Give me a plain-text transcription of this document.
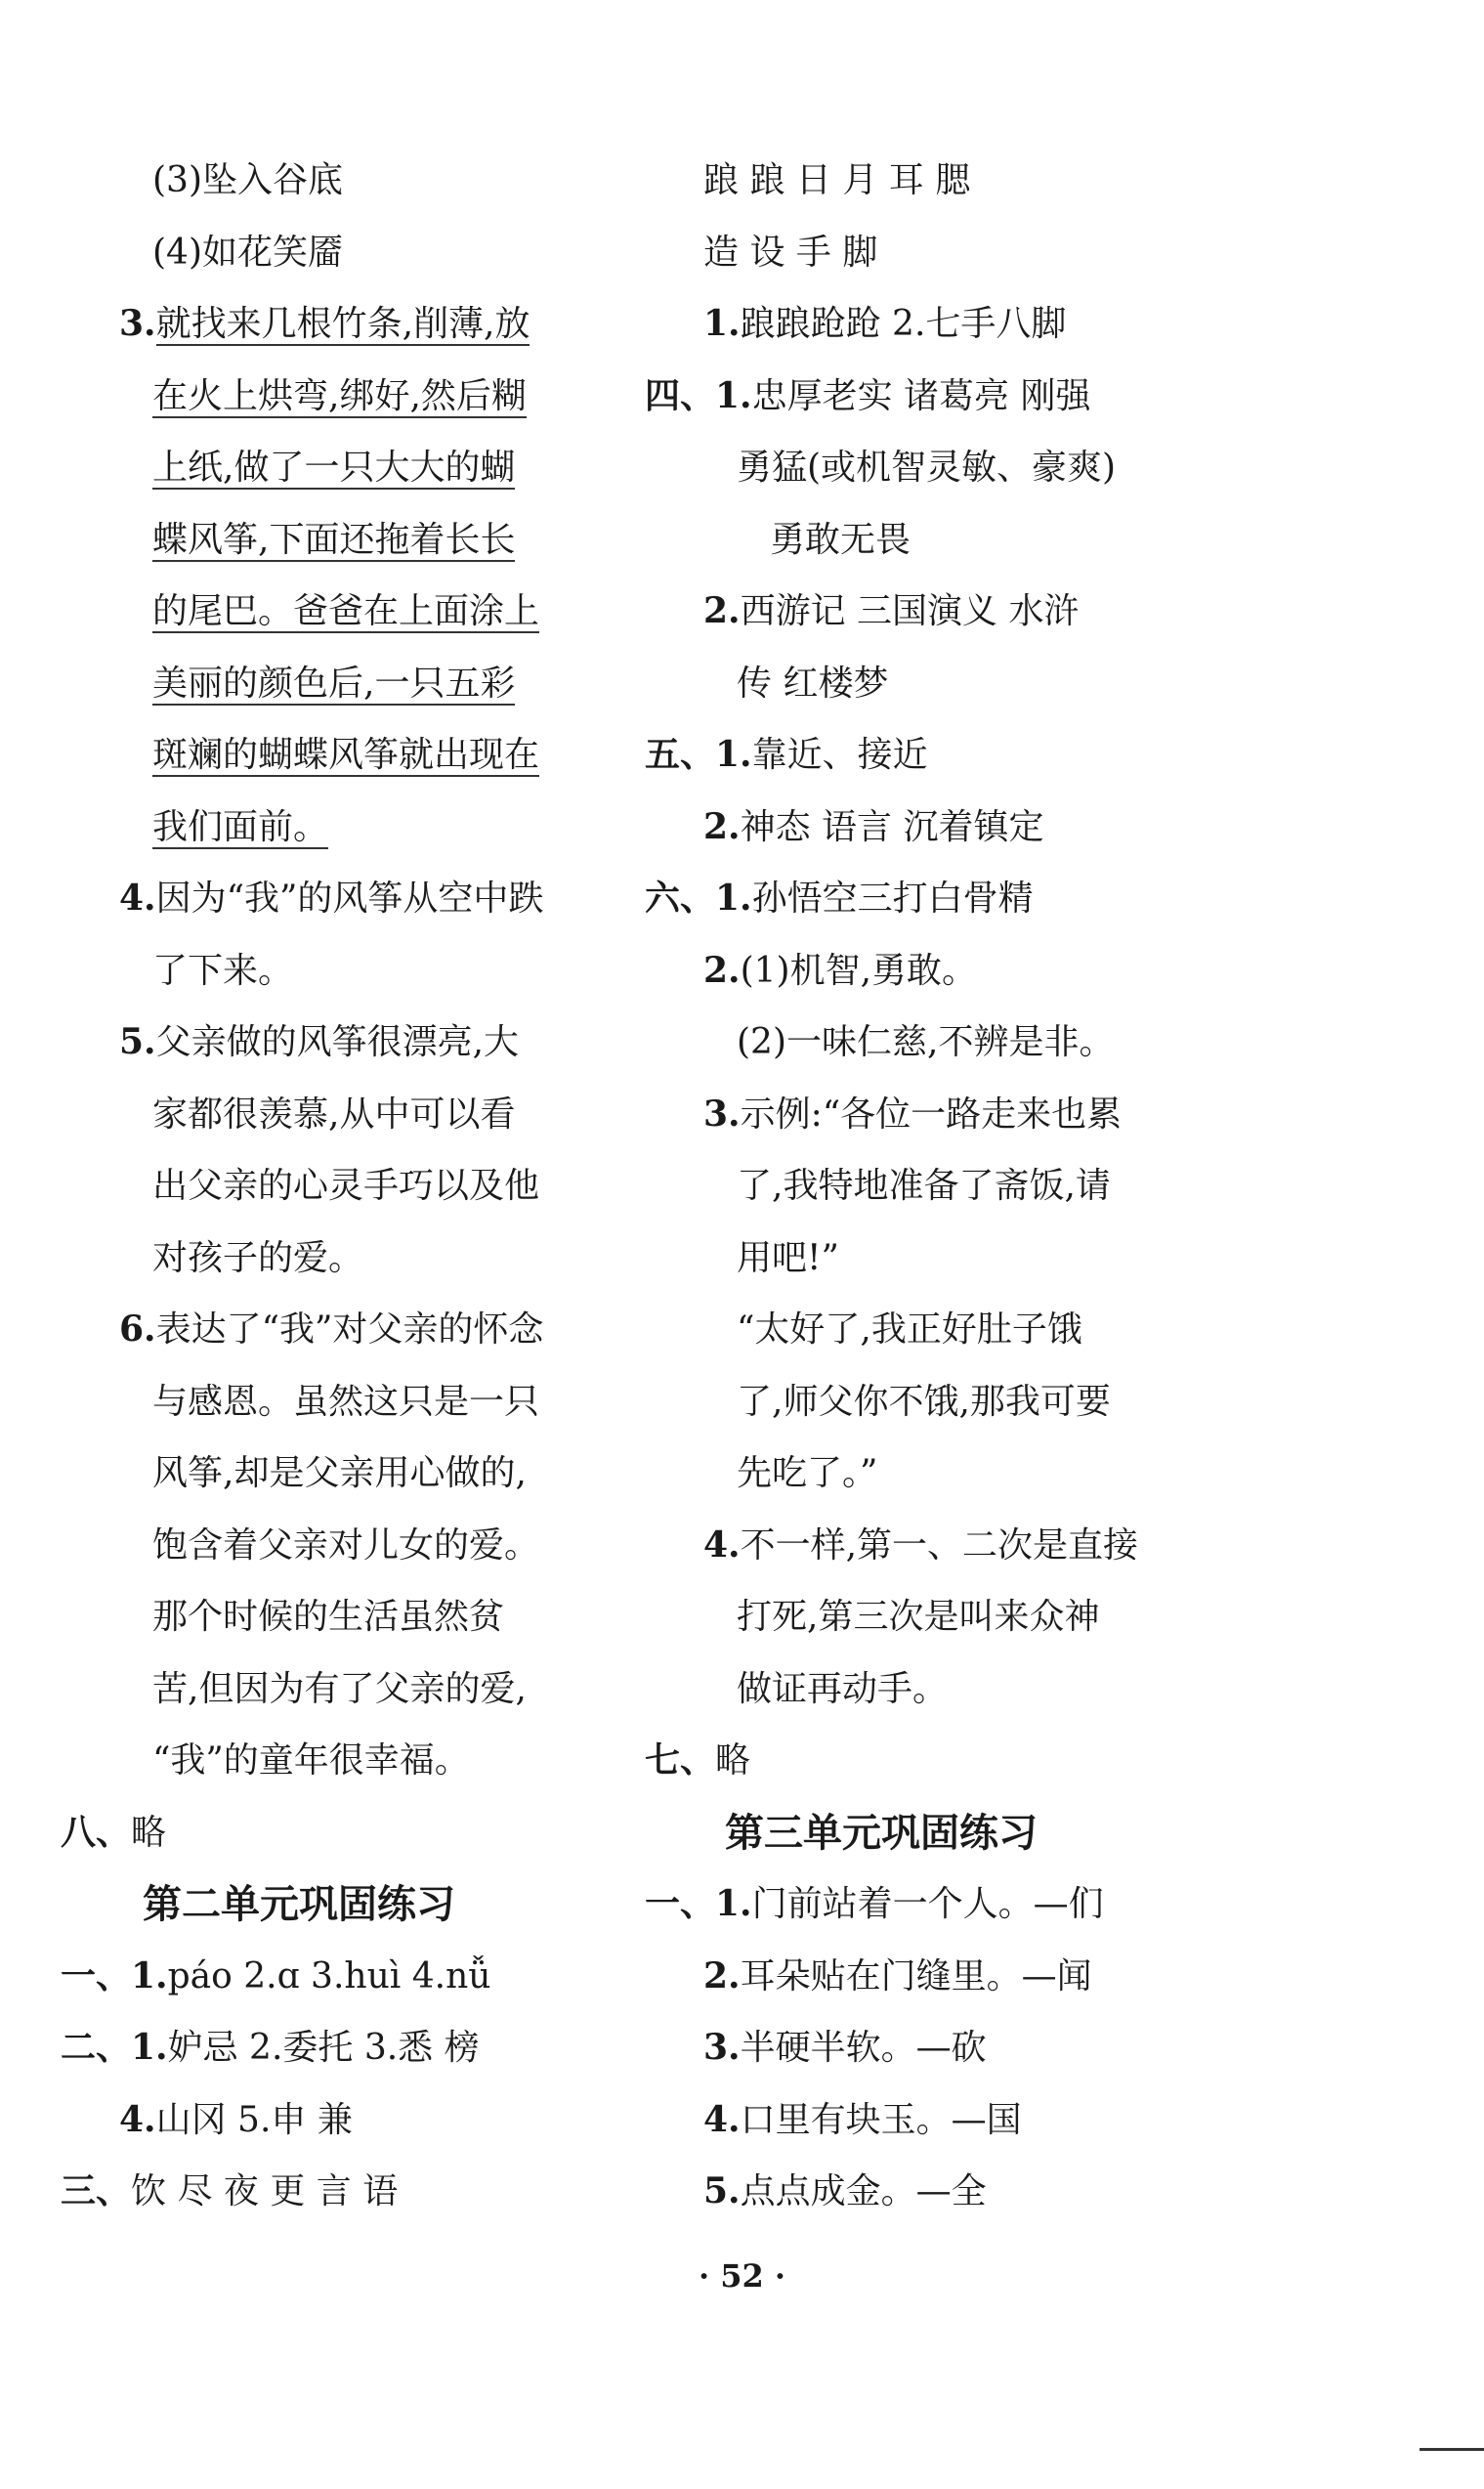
(3)坠入谷底
(4)如花笑靥
3.就找来几根竹条,削薄,放
在火上烘弯,绑好,然后糊
上纸,做了一只大大的蝴
蝶风筝,下面还拖着长长
的尾巴。爸爸在上面涂上
美丽的颜色后,一只五彩
斑斓的蝴蝶风筝就出现在
我们面前。
4.因为“我”的风筝从空中跌
了下来。
5.父亲做的风筝很漂亮,大
家都很羡慕,从中可以看
出父亲的心灵手巧以及他
对孩子的爱。
6.表达了“我”对父亲的怀念
与感恩。虽然这只是一只
风筝,却是父亲用心做的,
饱含着父亲对儿女的爱。
那个时候的生活虽然贫
苦,但因为有了父亲的爱,
“我”的童年很幸福。
八、略
第二单元巩固练习
一、1.páo 2.ɑ 3.huì 4.nǚ
二、1.妒忌 2.委托 3.悉 榜
4.山冈 5.申 兼
三、饮 尽 夜 更 言 语
踉 踉 日 月 耳 腮
造 设 手 脚
1.踉踉跄跄 2.七手八脚
四、1.忠厚老实 诸葛亮 刚强
勇猛(或机智灵敏、豪爽)
勇敢无畏
2.西游记 三国演义 水浒
传 红楼梦
五、1.靠近、接近
2.神态 语言 沉着镇定
六、1.孙悟空三打白骨精
2.(1)机智,勇敢。
(2)一味仁慈,不辨是非。
3.示例:“各位一路走来也累
了,我特地准备了斋饭,请
用吧!”
“太好了,我正好肚子饿
了,师父你不饿,那我可要
先吃了。”
4.不一样,第一、二次是直接
打死,第三次是叫来众神
做证再动手。
七、略
第三单元巩固练习
一、1.门前站着一个人。—们
2.耳朵贴在门缝里。—闻
3.半硬半软。—砍
4.口里有块玉。—国
5.点点成金。—全
· 52 ·
